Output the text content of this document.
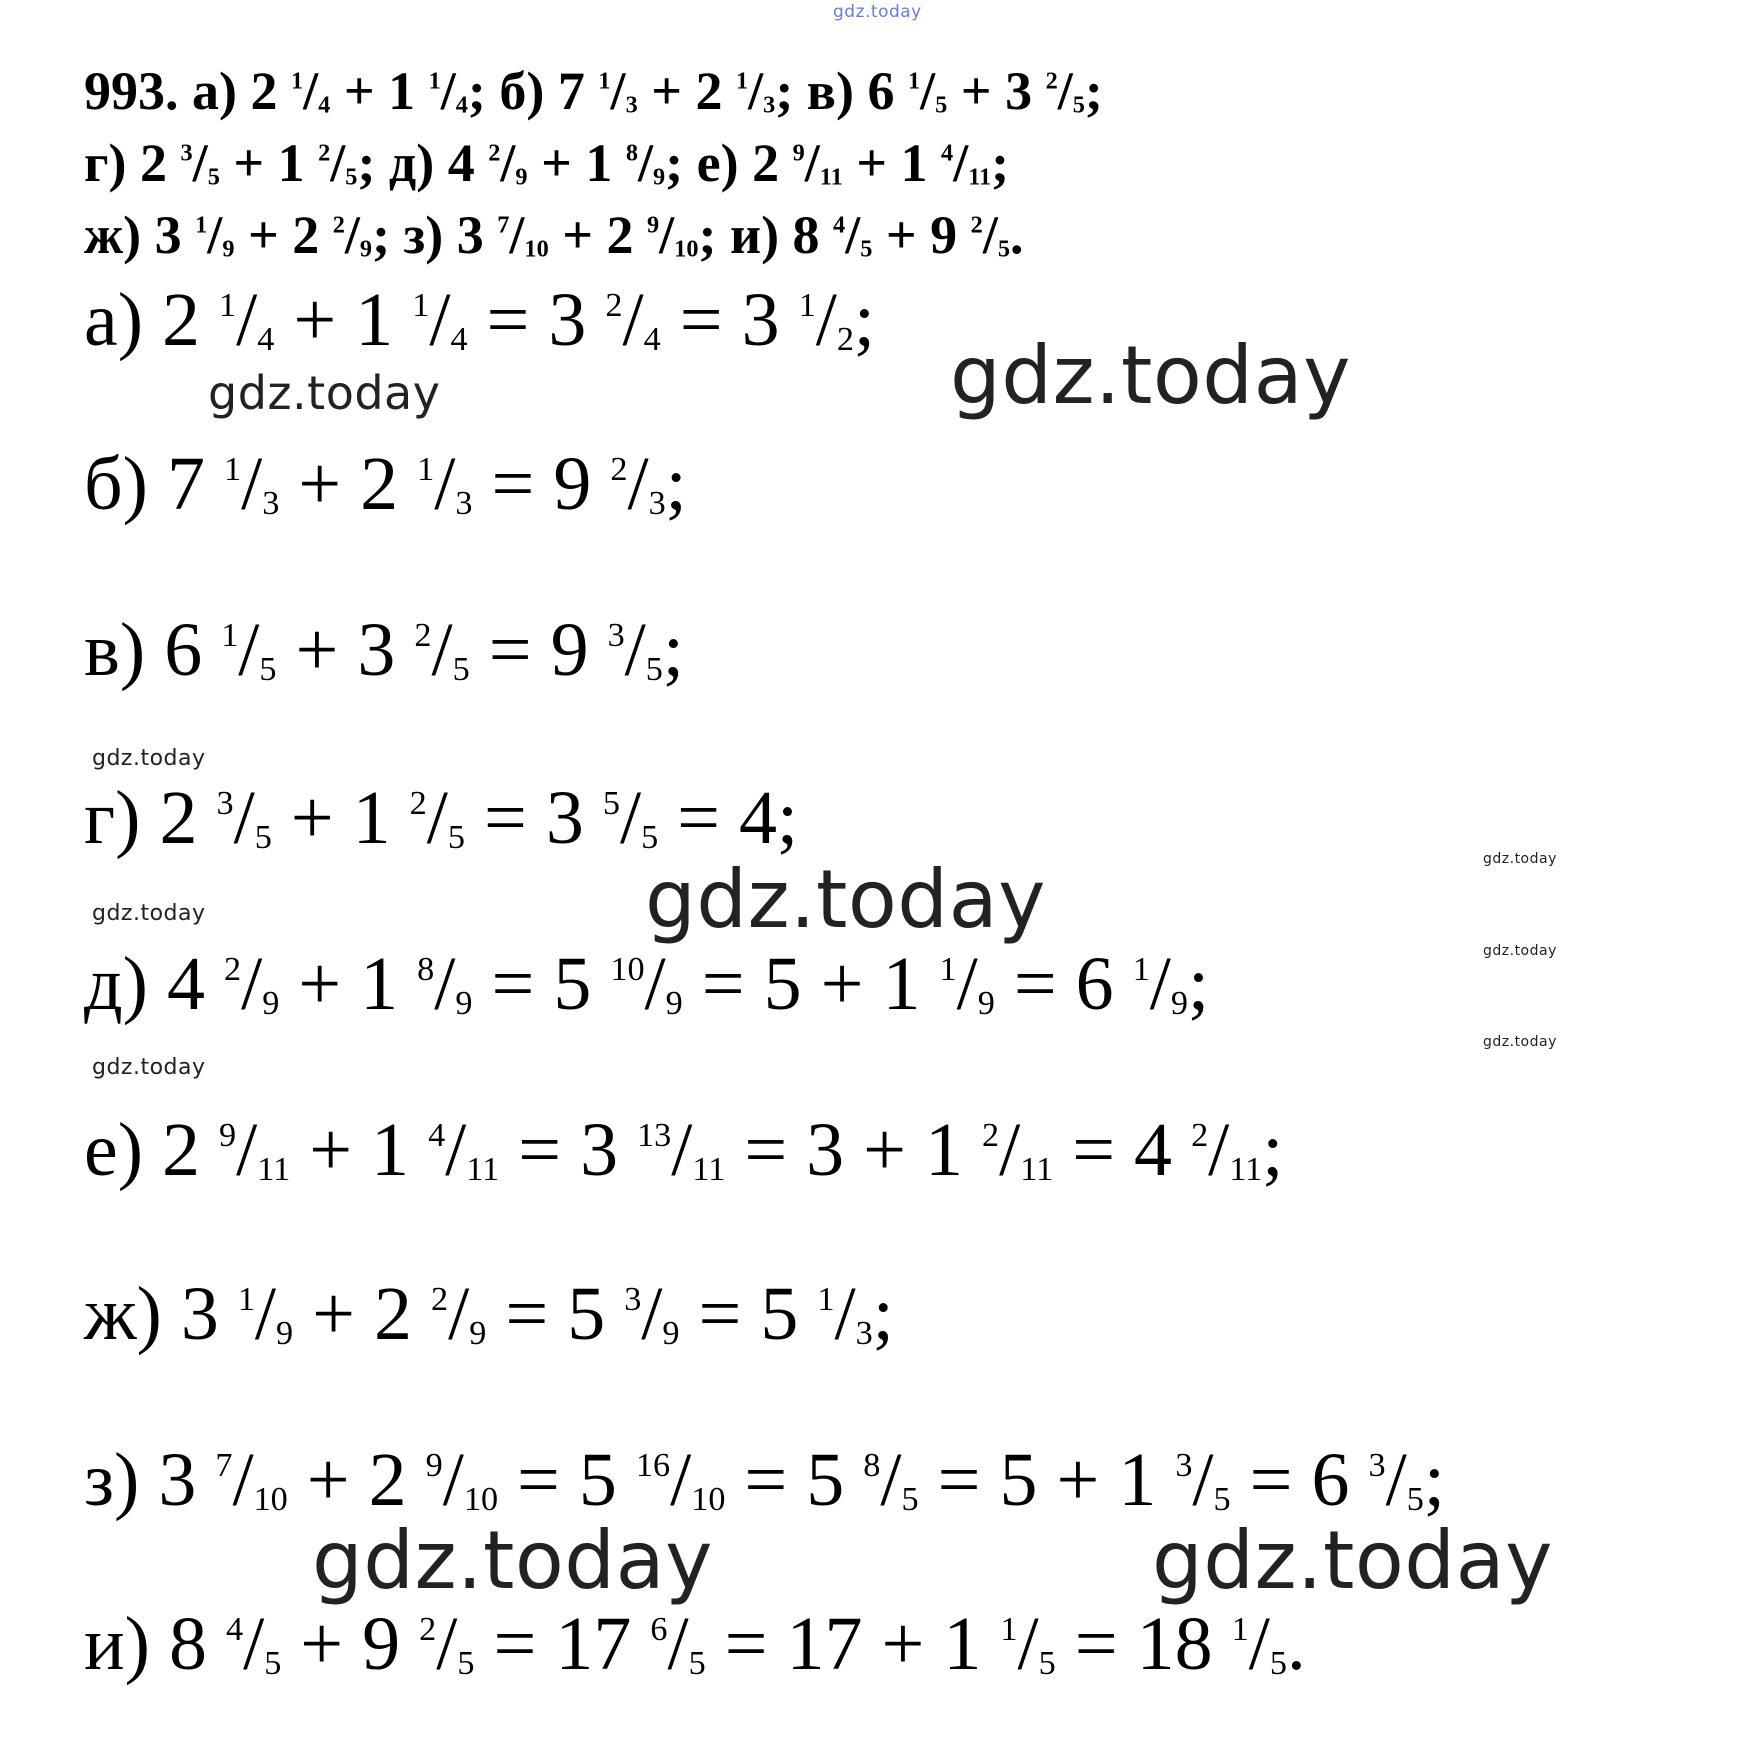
gdz.today
993. а) 2 $^1$/4 + 1 $^1$/4; б) 7 $^1$/3 + 2 $^1$/3; в) 6 $^1$/5 + 3 $^2$/5;
г) 2 $^3$/5 + 1 $^2$/5; д) 4 $^2$/9 + 1 $^8$/9; е) 2 $^9$/11 + 1 $^4$/11;
ж) 3 $^1$/9 + 2 $^2$/9; з) 3 $^7$/10 + 2 $^9$/10; и) 8 $^4$/5 + 9 $^2$/5.
а) 2 $^1$/4 + 1 $^1$/4 = 3 $^2$/4 = 3 $^1$/2;
gdz.today	gdz.today
б) 7 $^1$/3 + 2 $^1$/3 = 9 $^2$/3;
в) 6 $^1$/5 + 3 $^2$/5 = 9 $^3$/5;
gdz.today
г) 2 $^3$/5 + 1 $^2$/5 = 3 $^5$/5 = 4;	gdz.today
gdz.today
gdz.today
gdz.today
д) 4 $^2$/9 + 1 $^8$/9 = 5 $^{10}$/9 = 5 + 1 $^1$/9 = 6 $^1$/9;
gdz.today
gdz.today
е) 2 $^9$/11 + 1 $^4$/11 = 3 $^{13}$/11 = 3 + 1 $^2$/11 = 4 $^2$/11;
ж) 3 $^1$/9 + 2 $^2$/9 = 5 $^3$/9 = 5 $^1$/3;
з) 3 $^7$/10 + 2 $^9$/10 = 5 $^{16}$/10 = 5 $^8$/5 = 5 + 1 $^3$/5 = 6 $^3$/5;
gdz.today	gdz.today
и) 8 $^4$/5 + 9 $^2$/5 = 17 $^6$/5 = 17 + 1 $^1$/5 = 18 $^1$/5.
